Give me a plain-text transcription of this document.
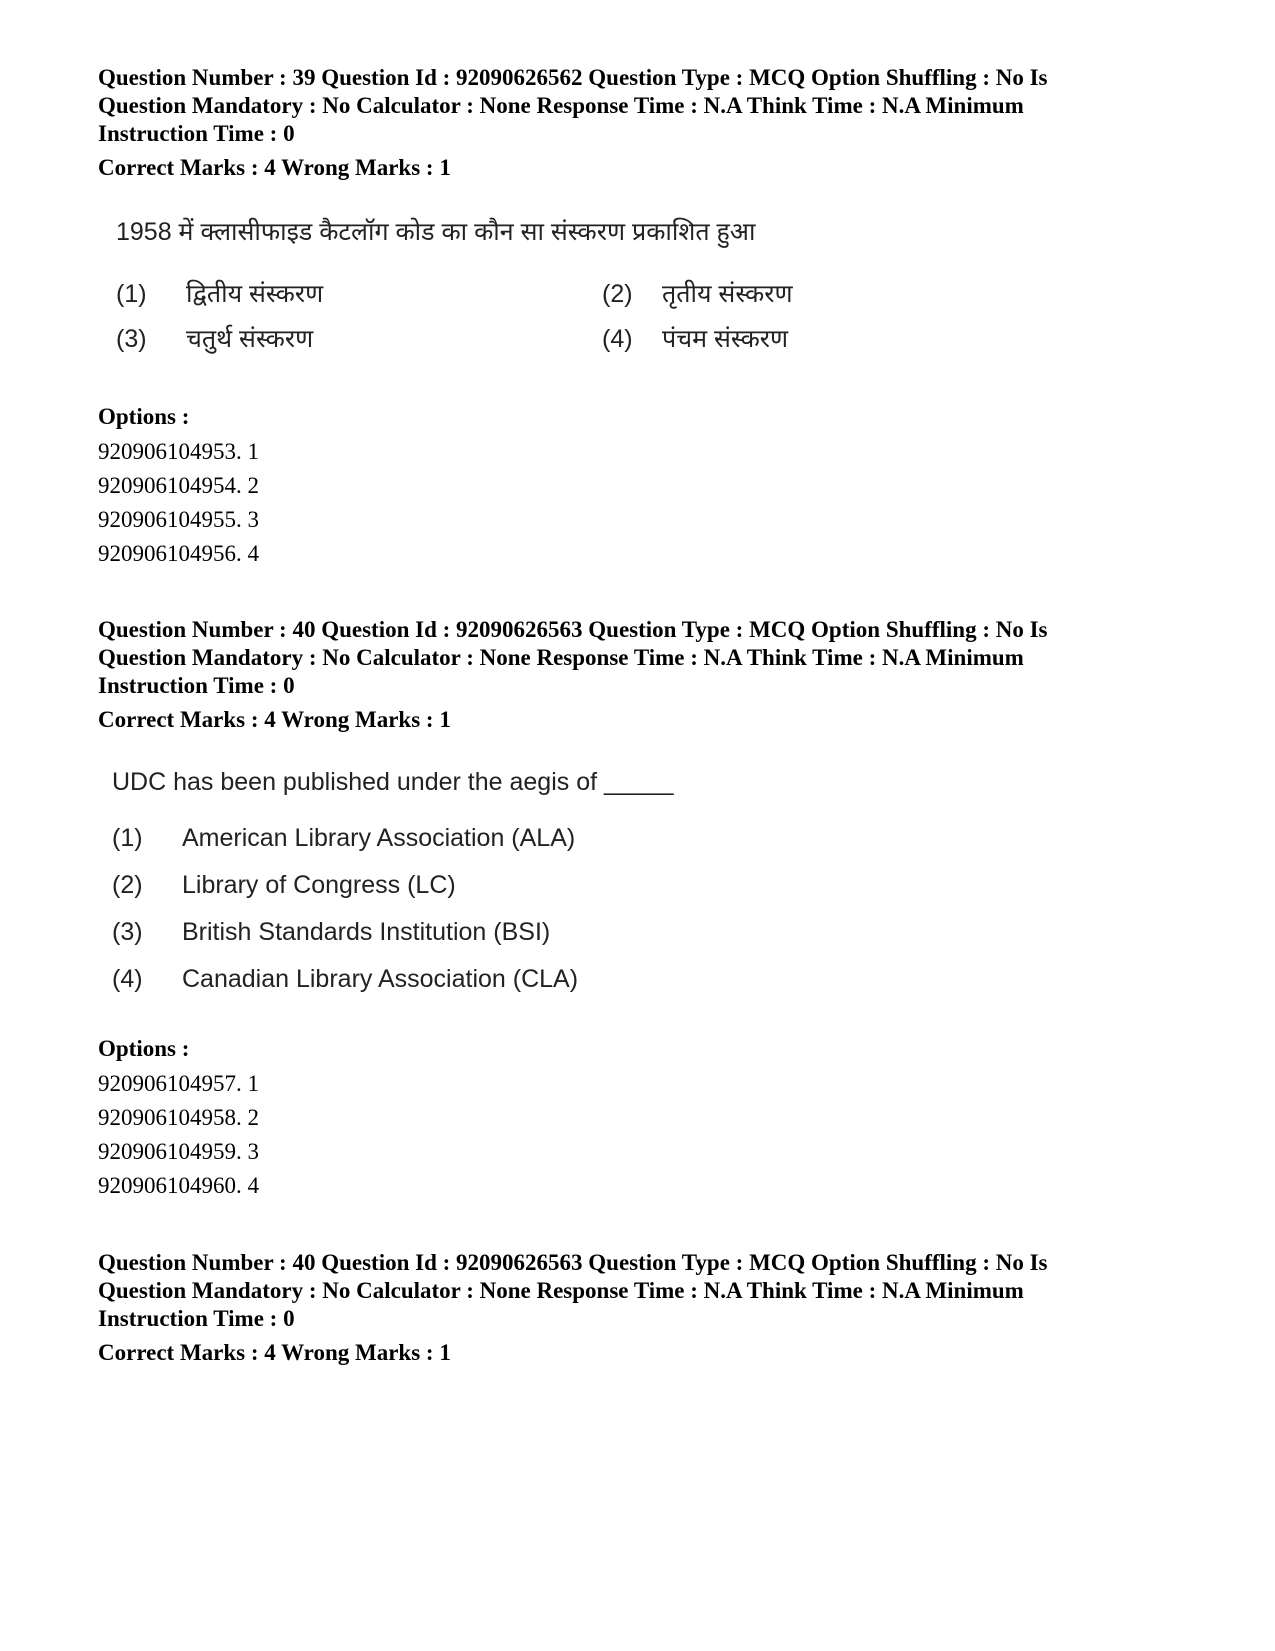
Question Number : 39 Question Id : 92090626562 Question Type : MCQ Option Shuffling : No Is
Question Mandatory : No Calculator : None Response Time : N.A Think Time : N.A Minimum
Instruction Time : 0
Correct Marks : 4 Wrong Marks : 1
1958 में क्लासीफाइड कैटलॉग कोड का कौन सा संस्करण प्रकाशित हुआ
(1) द्वितीय संस्करण	(2) तृतीय संस्करण
(3) चतुर्थ संस्करण	(4) पंचम संस्करण
Options :
920906104953. 1
920906104954. 2
920906104955. 3
920906104956. 4
Question Number : 40 Question Id : 92090626563 Question Type : MCQ Option Shuffling : No Is
Question Mandatory : No Calculator : None Response Time : N.A Think Time : N.A Minimum
Instruction Time : 0
Correct Marks : 4 Wrong Marks : 1
UDC has been published under the aegis of _____
(1) American Library Association (ALA)
(2) Library of Congress (LC)
(3) British Standards Institution (BSI)
(4) Canadian Library Association (CLA)
Options :
920906104957. 1
920906104958. 2
920906104959. 3
920906104960. 4
Question Number : 40 Question Id : 92090626563 Question Type : MCQ Option Shuffling : No Is
Question Mandatory : No Calculator : None Response Time : N.A Think Time : N.A Minimum
Instruction Time : 0
Correct Marks : 4 Wrong Marks : 1
